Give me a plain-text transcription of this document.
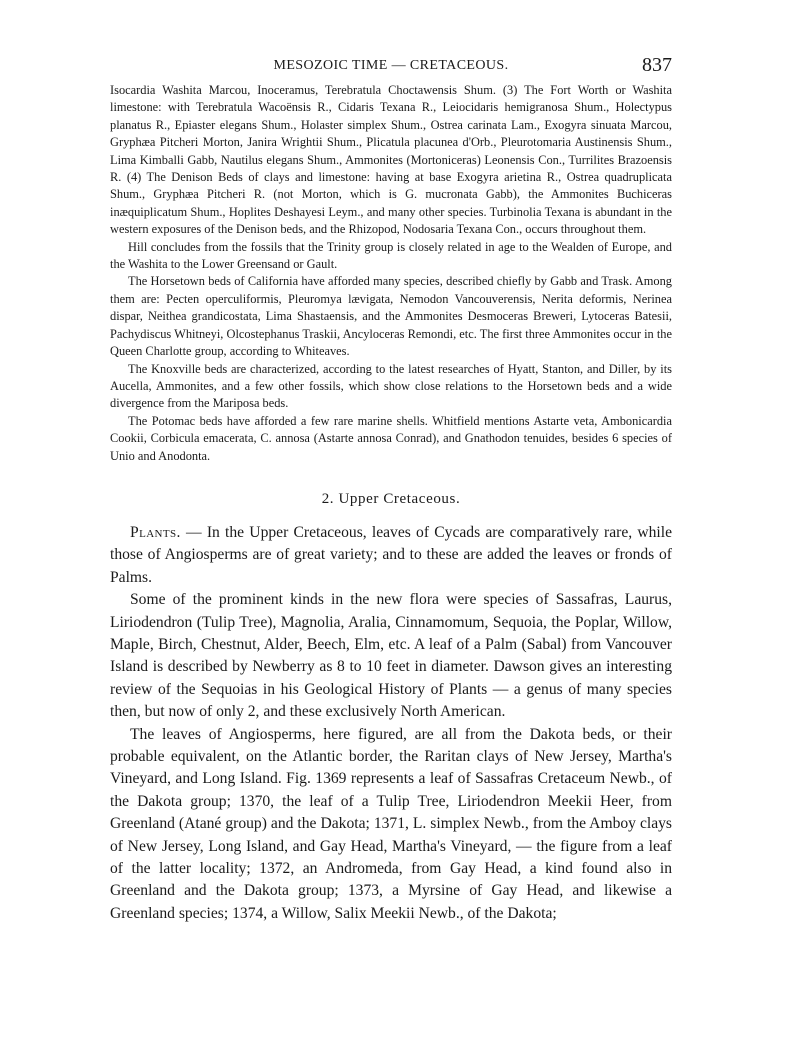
MESOZOIC TIME — CRETACEOUS.	837

Isocardia Washita Marcou, Inoceramus, Terebratula Choctawensis Shum. (3) The Fort Worth or Washita limestone: with Terebratula Wacoënsis R., Cidaris Texana R., Leiocidaris hemigranosa Shum., Holectypus planatus R., Epiaster elegans Shum., Holaster simplex Shum., Ostrea carinata Lam., Exogyra sinuata Marcou, Gryphæa Pitcheri Morton, Janira Wrightii Shum., Plicatula placunea d'Orb., Pleurotomaria Austinensis Shum., Lima Kimballi Gabb, Nautilus elegans Shum., Ammonites (Mortoniceras) Leonensis Con., Turrilites Brazoensis R. (4) The Denison Beds of clays and limestone: having at base Exogyra arietina R., Ostrea quadruplicata Shum., Gryphæa Pitcheri R. (not Morton, which is G. mucronata Gabb), the Ammonites Buchiceras inæquiplicatum Shum., Hoplites Deshayesi Leym., and many other species. Turbinolia Texana is abundant in the western exposures of the Denison beds, and the Rhizopod, Nodosaria Texana Con., occurs throughout them.

Hill concludes from the fossils that the Trinity group is closely related in age to the Wealden of Europe, and the Washita to the Lower Greensand or Gault.

The Horsetown beds of California have afforded many species, described chiefly by Gabb and Trask. Among them are: Pecten operculiformis, Pleuromya lævigata, Nemodon Vancouverensis, Nerita deformis, Nerinea dispar, Neithea grandicostata, Lima Shastaensis, and the Ammonites Desmoceras Breweri, Lytoceras Batesii, Pachydiscus Whitneyi, Olcostephanus Traskii, Ancyloceras Remondi, etc. The first three Ammonites occur in the Queen Charlotte group, according to Whiteaves.

The Knoxville beds are characterized, according to the latest researches of Hyatt, Stanton, and Diller, by its Aucella, Ammonites, and a few other fossils, which show close relations to the Horsetown beds and a wide divergence from the Mariposa beds.

The Potomac beds have afforded a few rare marine shells. Whitfield mentions Astarte veta, Ambonicardia Cookii, Corbicula emacerata, C. annosa (Astarte annosa Conrad), and Gnathodon tenuides, besides 6 species of Unio and Anodonta.

2. Upper Cretaceous.

Plants. — In the Upper Cretaceous, leaves of Cycads are comparatively rare, while those of Angiosperms are of great variety; and to these are added the leaves or fronds of Palms.

Some of the prominent kinds in the new flora were species of Sassafras, Laurus, Liriodendron (Tulip Tree), Magnolia, Aralia, Cinnamomum, Sequoia, the Poplar, Willow, Maple, Birch, Chestnut, Alder, Beech, Elm, etc. A leaf of a Palm (Sabal) from Vancouver Island is described by Newberry as 8 to 10 feet in diameter. Dawson gives an interesting review of the Sequoias in his Geological History of Plants — a genus of many species then, but now of only 2, and these exclusively North American.

The leaves of Angiosperms, here figured, are all from the Dakota beds, or their probable equivalent, on the Atlantic border, the Raritan clays of New Jersey, Martha's Vineyard, and Long Island. Fig. 1369 represents a leaf of Sassafras Cretaceum Newb., of the Dakota group; 1370, the leaf of a Tulip Tree, Liriodendron Meekii Heer, from Greenland (Atané group) and the Dakota; 1371, L. simplex Newb., from the Amboy clays of New Jersey, Long Island, and Gay Head, Martha's Vineyard, — the figure from a leaf of the latter locality; 1372, an Andromeda, from Gay Head, a kind found also in Greenland and the Dakota group; 1373, a Myrsine of Gay Head, and likewise a Greenland species; 1374, a Willow, Salix Meekii Newb., of the Dakota;
